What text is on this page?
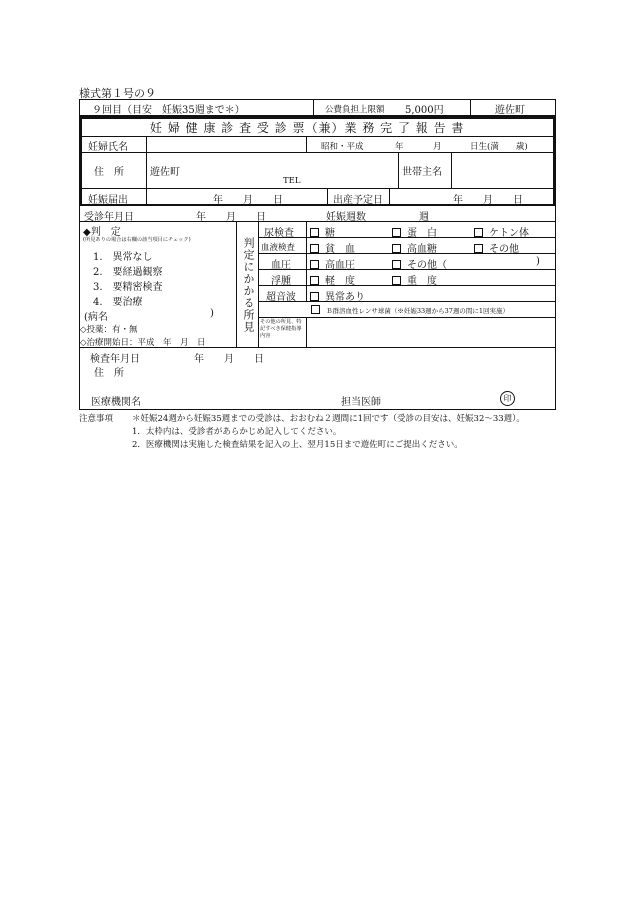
様式第１号の９
９回目（目安　妊娠35週まで＊）	公費負担上限額 5,000円	遊佐町
妊 婦 健 康 診 査 受 診 票（兼）業 務 完 了 報 告 書
妊婦氏名	昭和・平成	年	月	日生(満　　歳)
住　所	遊佐町
TEL
世帯主名
妊娠届出	年　　月　　日	出産予定日	年　　月　　日
受診年月日	年　　月　　日	妊娠週数	週
◆判　定
(所見ありの場合は右欄の該当項目にチェック)
1.　異常なし
2.　要経過観察
3.　要精密検査
4.　要治療
(病名	)
◇投薬：有・無
◇治療開始日：平成　年　月　日
判定にかかる所見
尿検査	糖	蛋　白	ケトン体
血液検査	貧　血	高血糖	その他
血圧	高血圧	その他（	)
浮腫	軽　度	重　度
超音波	異常あり
Ｂ群溶血性レンサ球菌（※妊娠33週から37週の間に1回実施）
その他の所見、特記すべき保健指導内容
検査年月日	年　　月　　日
住　所
医療機関名	担当医師	印
注意事項 ＊妊娠24週から妊娠35週までの受診は、おおむね２週間に1回です（受診の目安は、妊娠32〜33週）。
1．太枠内は、受診者があらかじめ記入してください。
2．医療機関は実施した検査結果を記入の上、翌月15日まで遊佐町にご提出ください。
